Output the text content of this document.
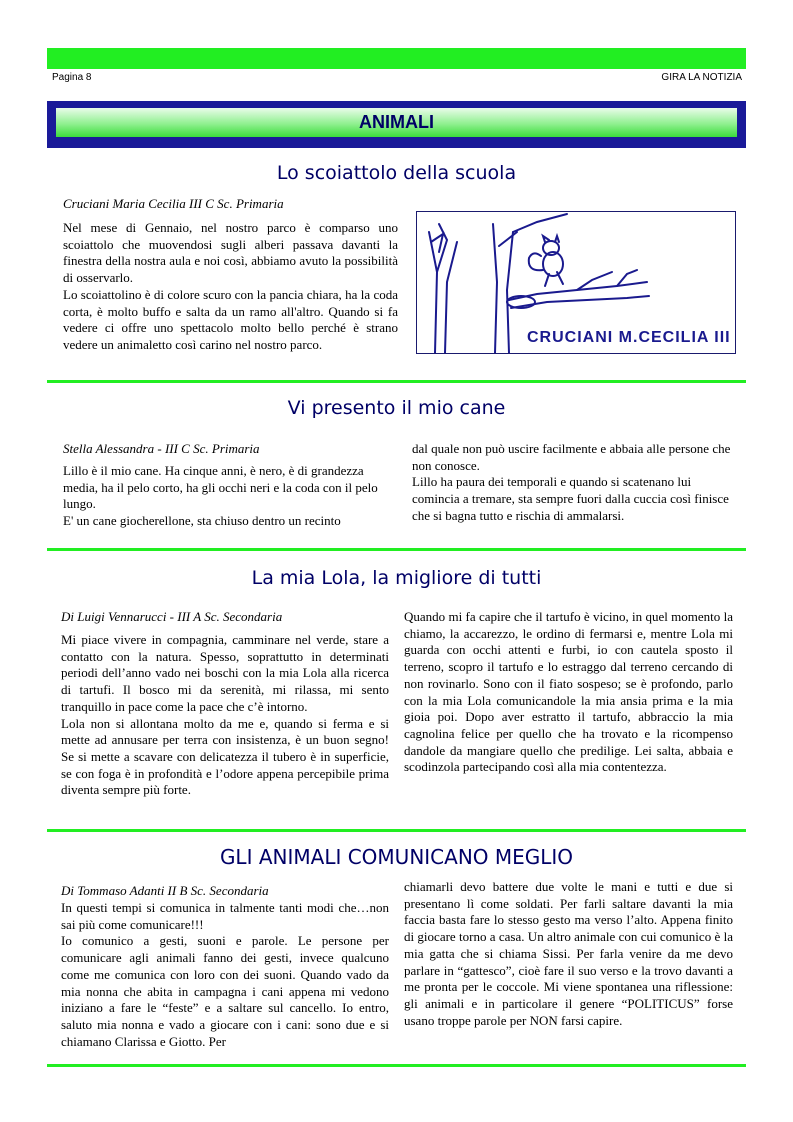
Pagina 8	GIRA LA NOTIZIA
ANIMALI
Lo scoiattolo della scuola
Cruciani Maria Cecilia III C Sc. Primaria

Nel mese di Gennaio, nel nostro parco è comparso uno scoiattolo che muovendosi sugli alberi passava davanti la finestra della nostra aula e noi così, abbiamo avuto la possibilità di osservarlo.

Lo scoiattolino è di colore scuro con la pancia chiara, ha la coda corta, è molto buffo e salta da un ramo all'altro. Quando si fa vedere ci offre uno spettacolo molto bello perché è strano vedere un animaletto così carino nel nostro parco.	CRUCIANI M.CECILIA III C
Vi presento il mio cane
Stella Alessandra - III C Sc. Primaria

Lillo è il mio cane. Ha cinque anni, è nero, è di grandezza media, ha il pelo corto, ha gli occhi neri e la coda con il pelo lungo.

E' un cane giocherellone, sta chiuso dentro un recinto

dal quale non può uscire facilmente e abbaia alle persone che non conosce.

Lillo ha paura dei temporali e quando si scatenano lui comincia a tremare, sta sempre fuori dalla cuccia così finisce che si bagna tutto e rischia di ammalarsi.

La mia Lola, la migliore di tutti
Di Luigi Vennarucci - III A Sc. Secondaria

Mi piace vivere in compagnia, camminare nel verde, stare a contatto con la natura. Spesso, soprattutto in determinati periodi dell’anno vado nei boschi con la mia Lola alla ricerca di tartufi. Il bosco mi da serenità, mi rilassa, mi sento tranquillo in pace come la pace che c’è intorno.

Lola non si allontana molto da me e, quando si ferma e si mette ad annusare per terra con insistenza, è un buon segno! Se si mette a scavare con delicatezza il tubero è in superficie, se con foga è in profondità e l’odore appena percepibile prima diventa sempre più forte.

Quando mi fa capire che il tartufo è vicino, in quel momento la chiamo, la accarezzo, le ordino di fermarsi e, mentre Lola mi guarda con occhi attenti e furbi, io con cautela sposto il terreno, scopro il tartufo e lo estraggo dal terreno cercando di non rovinarlo. Sono con il fiato sospeso; se è profondo, parlo con la mia Lola comunicandole la mia ansia prima e la mia gioia poi. Dopo aver estratto il tartufo, abbraccio la mia cagnolina felice per quello che ha trovato e la ricompenso dandole da mangiare quello che predilige. Lei salta, abbaia e scodinzola partecipando così alla mia contentezza.

GLI ANIMALI COMUNICANO MEGLIO
Di Tommaso Adanti II B Sc. Secondaria

In questi tempi si comunica in talmente tanti modi che…non sai più come comunicare!!!

Io comunico a gesti, suoni e parole. Le persone per comunicare agli animali fanno dei gesti, invece qualcuno come me comunica con loro con dei suoni. Quando vado da mia nonna che abita in campagna i cani appena mi vedono iniziano a fare le “feste” e a saltare sul cancello. Io entro, saluto mia nonna e vado a giocare con i cani: sono due e si chiamano Clarissa e Giotto. Per

chiamarli devo battere due volte le mani e tutti e due si presentano lì come soldati. Per farli saltare davanti la mia faccia basta fare lo stesso gesto ma verso l’alto. Appena finito di giocare torno a casa. Un altro animale con cui comunico è la mia gatta che si chiama Sissi. Per farla venire da me devo parlare in “gattesco”, cioè fare il suo verso e la trovo davanti a me pronta per le coccole. Mi viene spontanea una riflessione: gli animali e in particolare il genere “POLITICUS” forse usano troppe parole per NON farsi capire.
